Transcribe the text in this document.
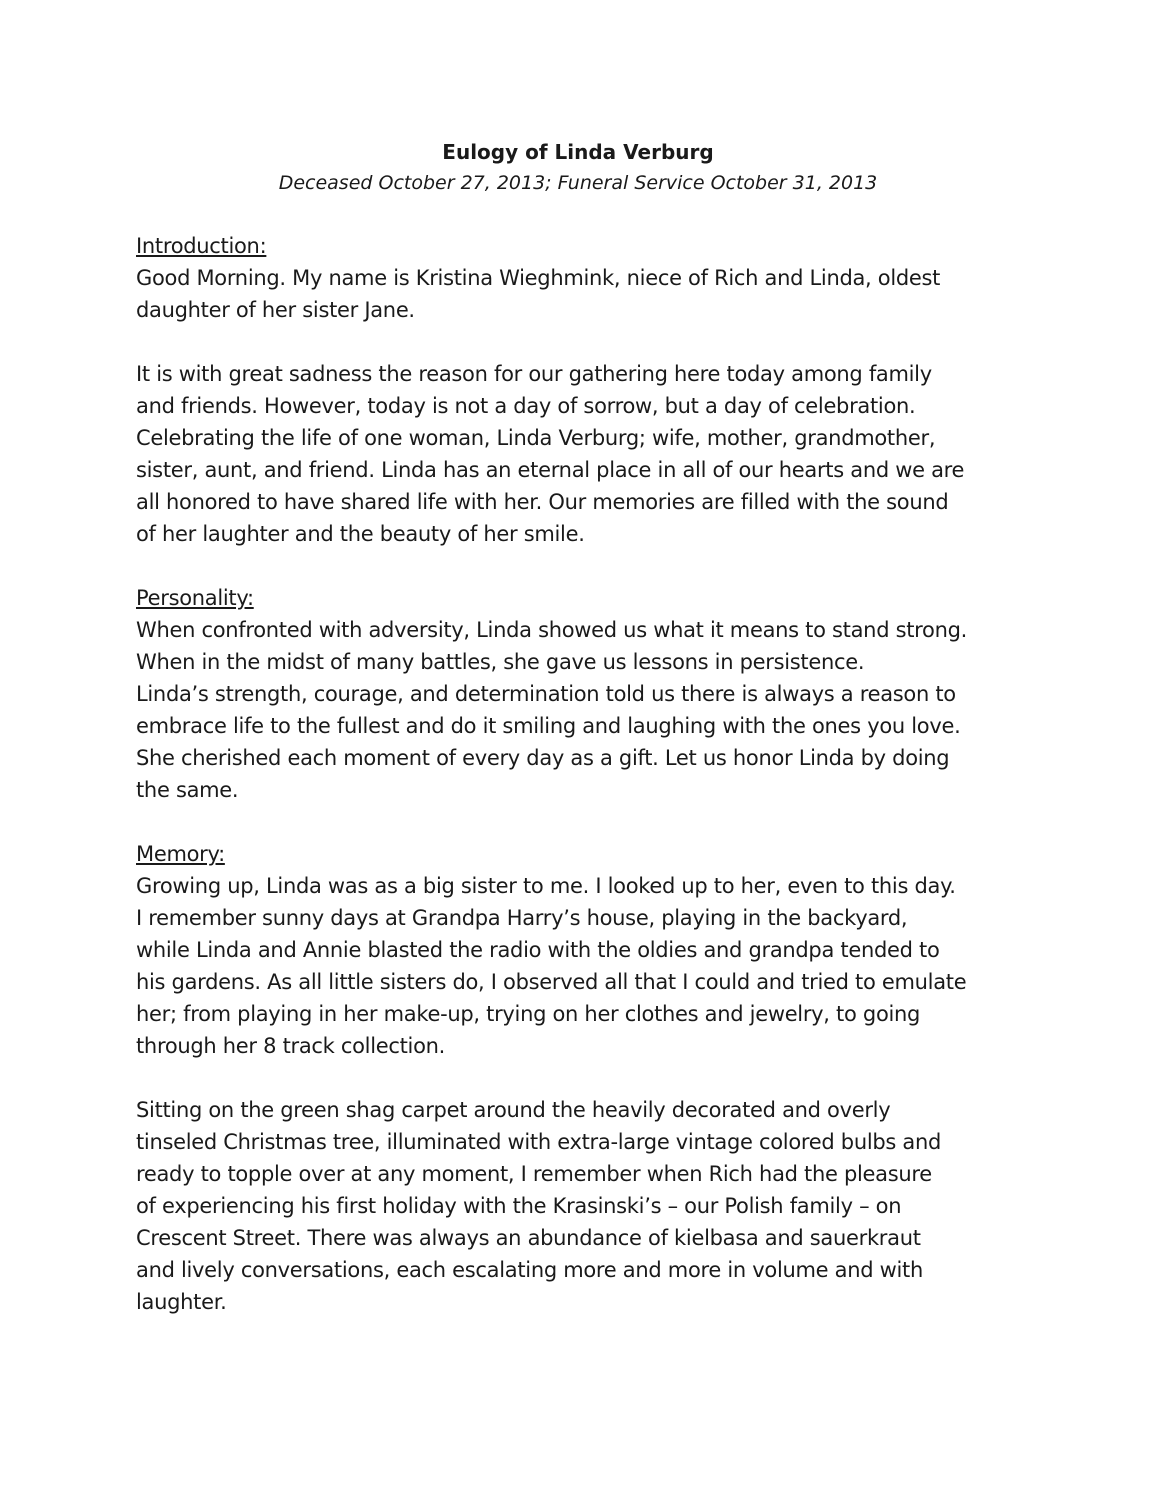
Eulogy of Linda Verburg

Deceased October 27, 2013; Funeral Service October 31, 2013

Introduction:

Good Morning. My name is Kristina Wieghmink, niece of Rich and Linda, oldest
daughter of her sister Jane.

It is with great sadness the reason for our gathering here today among family
and friends. However, today is not a day of sorrow, but a day of celebration.
Celebrating the life of one woman, Linda Verburg; wife, mother, grandmother,
sister, aunt, and friend. Linda has an eternal place in all of our hearts and we are
all honored to have shared life with her. Our memories are filled with the sound
of her laughter and the beauty of her smile.

Personality:

When confronted with adversity, Linda showed us what it means to stand strong.
When in the midst of many battles, she gave us lessons in persistence.
Linda’s strength, courage, and determination told us there is always a reason to
embrace life to the fullest and do it smiling and laughing with the ones you love.
She cherished each moment of every day as a gift. Let us honor Linda by doing
the same.

Memory:

Growing up, Linda was as a big sister to me. I looked up to her, even to this day.
I remember sunny days at Grandpa Harry’s house, playing in the backyard,
while Linda and Annie blasted the radio with the oldies and grandpa tended to
his gardens. As all little sisters do, I observed all that I could and tried to emulate
her; from playing in her make-up, trying on her clothes and jewelry, to going
through her 8 track collection.

Sitting on the green shag carpet around the heavily decorated and overly
tinseled Christmas tree, illuminated with extra-large vintage colored bulbs and
ready to topple over at any moment, I remember when Rich had the pleasure
of experiencing his first holiday with the Krasinski’s – our Polish family – on
Crescent Street. There was always an abundance of kielbasa and sauerkraut
and lively conversations, each escalating more and more in volume and with
laughter.
